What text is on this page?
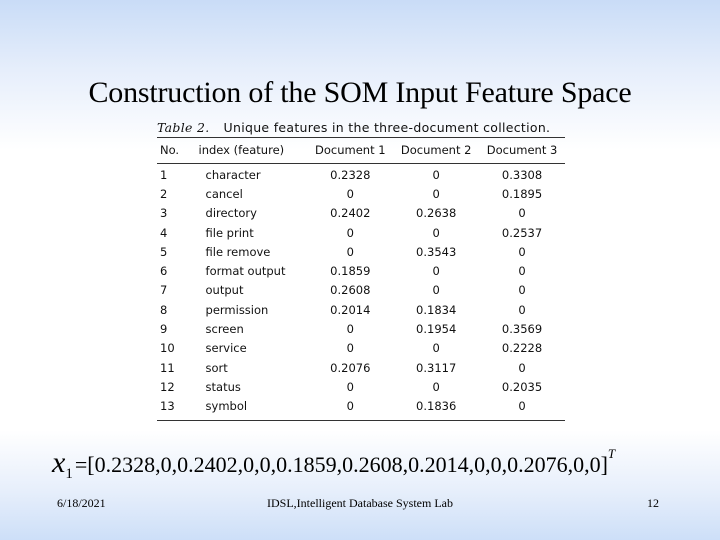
Construction of the SOM Input Feature Space
Table 2. Unique features in the three-document collection.
No.	index (feature)	Document 1	Document 2	Document 3

1	character	0.2328	0	0.3308
2	cancel	0	0	0.1895
3	directory	0.2402	0.2638	0
4	file print	0	0	0.2537
5	file remove	0	0.3543	0
6	format output	0.1859	0	0
7	output	0.2608	0	0
8	permission	0.2014	0.1834	0
9	screen	0	0.1954	0.3569
10	service	0	0	0.2228
11	sort	0.2076	0.3117	0
12	status	0	0	0.2035
13	symbol	0	0.1836	0
$x_1=[0.2328,0,0.2402,0,0,0.1859,0.2608,0.2014,0,0,0.2076,0,0]^T$
6/18/2021	IDSL,Intelligent Database System Lab	12
